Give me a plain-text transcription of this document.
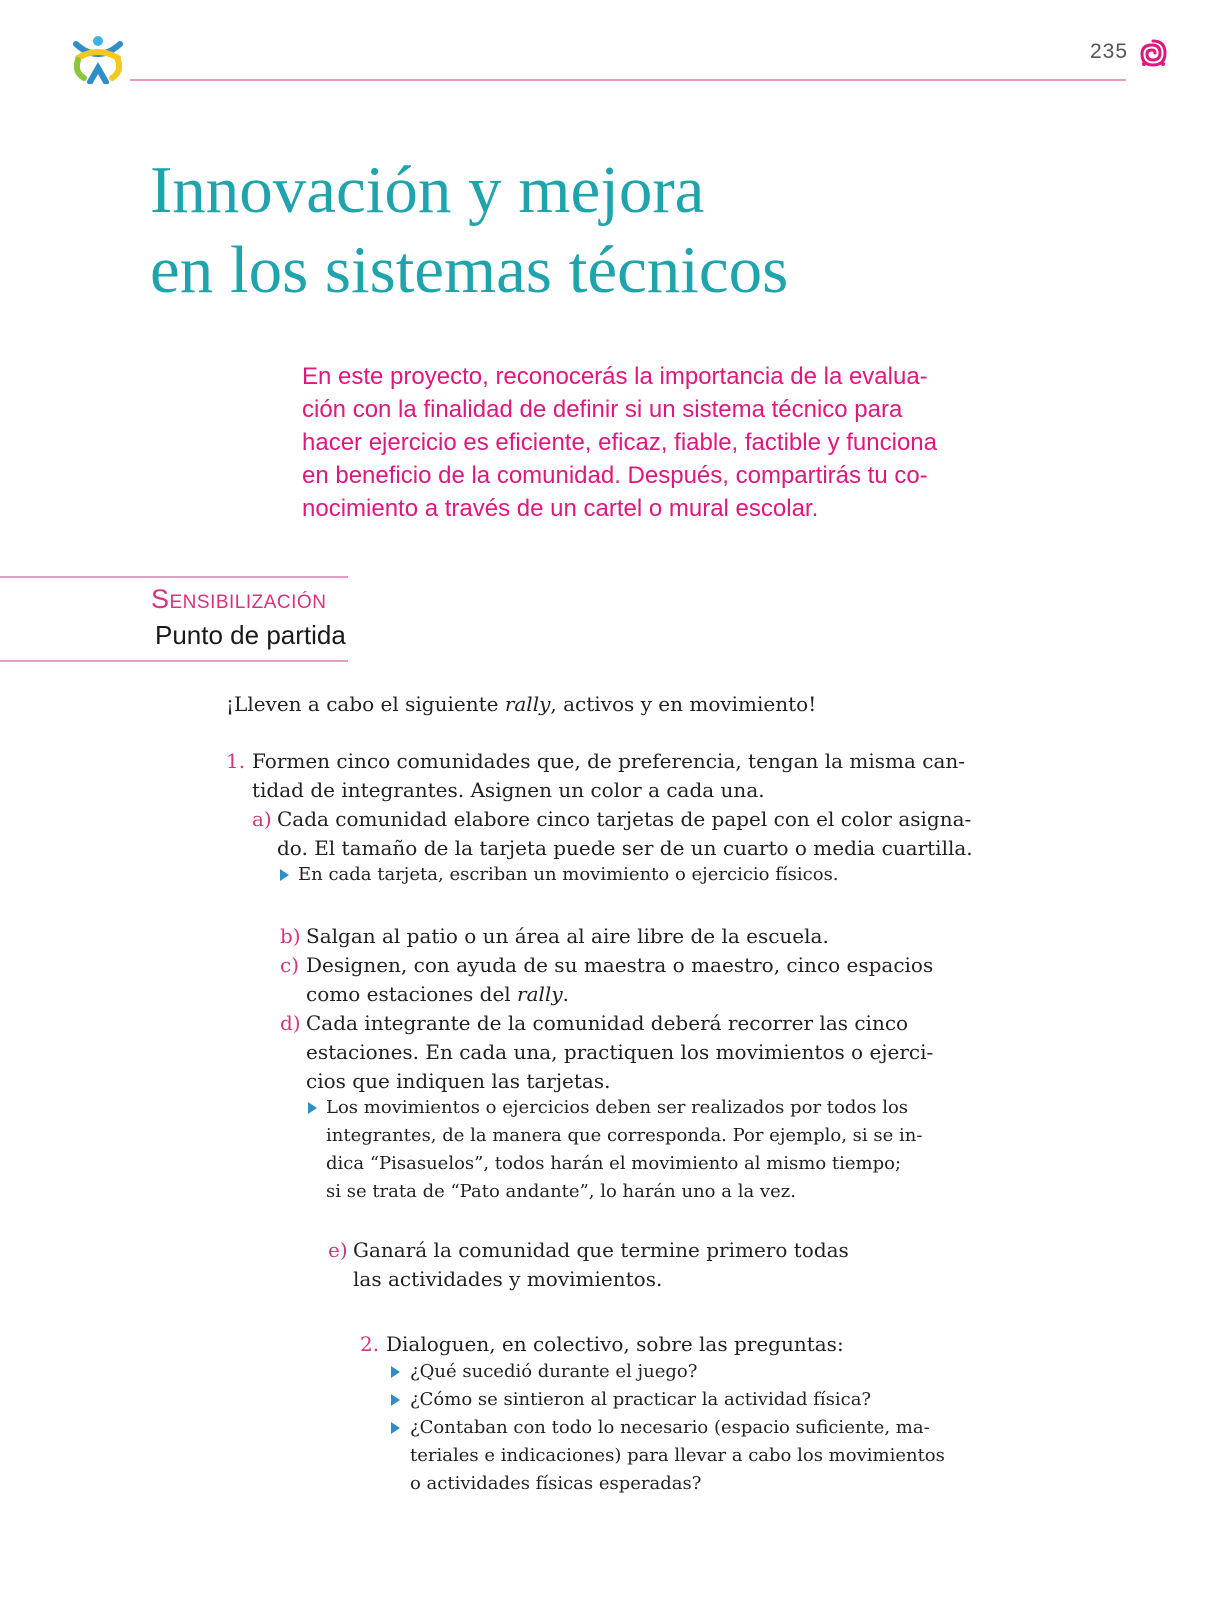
235
Innovación y mejora
en los sistemas técnicos
En este proyecto, reconocerás la importancia de la evalua-
ción con la finalidad de definir si un sistema técnico para
hacer ejercicio es eficiente, eficaz, fiable, factible y funciona
en beneficio de la comunidad. Después, compartirás tu co-
nocimiento a través de un cartel o mural escolar.
Sensibilización
Punto de partida
¡Lleven a cabo el siguiente rally, activos y en movimiento!
1. Formen cinco comunidades que, de preferencia, tengan la misma can-
tidad de integrantes. Asignen un color a cada una.
a) Cada comunidad elabore cinco tarjetas de papel con el color asigna-
do. El tamaño de la tarjeta puede ser de un cuarto o media cuartilla.
En cada tarjeta, escriban un movimiento o ejercicio físicos.
b) Salgan al patio o un área al aire libre de la escuela.
c) Designen, con ayuda de su maestra o maestro, cinco espacios
como estaciones del rally.
d) Cada integrante de la comunidad deberá recorrer las cinco
estaciones. En cada una, practiquen los movimientos o ejerci-
cios que indiquen las tarjetas.
Los movimientos o ejercicios deben ser realizados por todos los
integrantes, de la manera que corresponda. Por ejemplo, si se in-
dica “Pisasuelos”, todos harán el movimiento al mismo tiempo;
si se trata de “Pato andante”, lo harán uno a la vez.
e) Ganará la comunidad que termine primero todas
las actividades y movimientos.
2. Dialoguen, en colectivo, sobre las preguntas:
¿Qué sucedió durante el juego?
¿Cómo se sintieron al practicar la actividad física?
¿Contaban con todo lo necesario (espacio suficiente, ma-
teriales e indicaciones) para llevar a cabo los movimientos
o actividades físicas esperadas?
